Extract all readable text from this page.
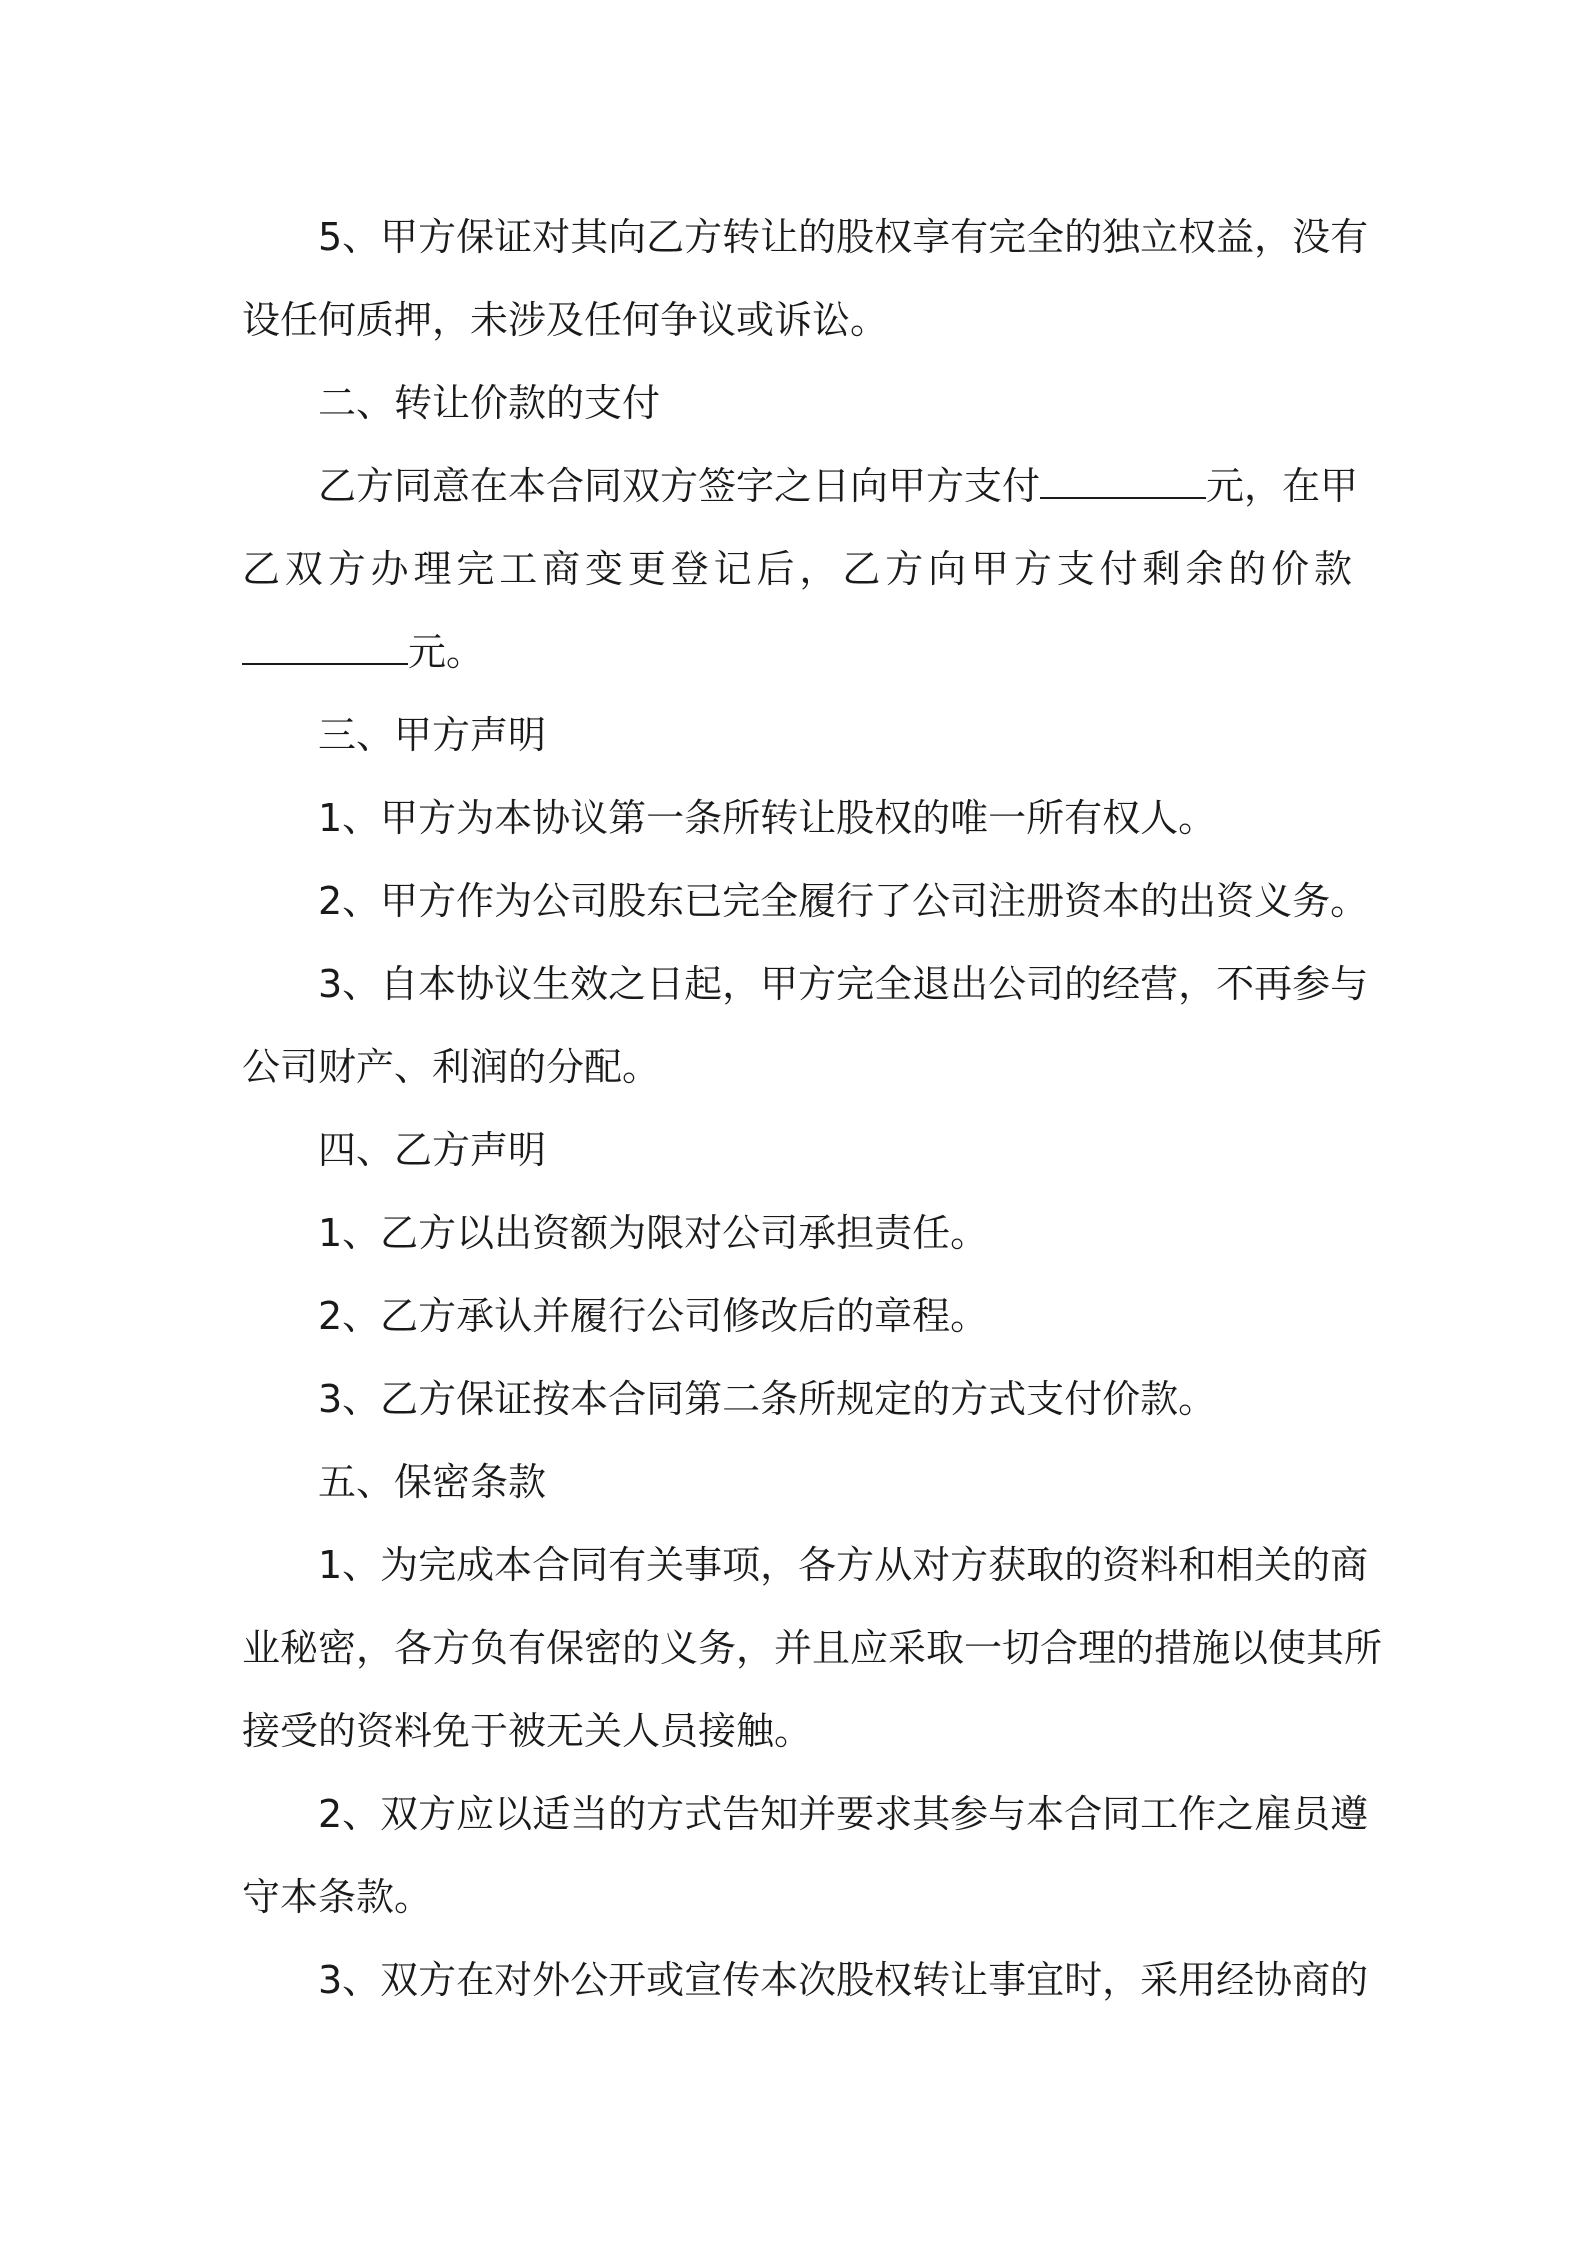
5、甲方保证对其向乙方转让的股权享有完全的独立权益，没有
设任何质押，未涉及任何争议或诉讼。
二、转让价款的支付
乙方同意在本合同双方签字之日向甲方支付	元，在甲
乙双方办理完工商变更登记后，乙方向甲方支付剩余的价款
元。
三、甲方声明
1、甲方为本协议第一条所转让股权的唯一所有权人。
2、甲方作为公司股东已完全履行了公司注册资本的出资义务。
3、自本协议生效之日起，甲方完全退出公司的经营，不再参与
公司财产、利润的分配。
四、乙方声明
1、乙方以出资额为限对公司承担责任。
2、乙方承认并履行公司修改后的章程。
3、乙方保证按本合同第二条所规定的方式支付价款。
五、保密条款
1、为完成本合同有关事项，各方从对方获取的资料和相关的商
业秘密，各方负有保密的义务，并且应采取一切合理的措施以使其所
接受的资料免于被无关人员接触。
2、双方应以适当的方式告知并要求其参与本合同工作之雇员遵
守本条款。
3、双方在对外公开或宣传本次股权转让事宜时，采用经协商的
